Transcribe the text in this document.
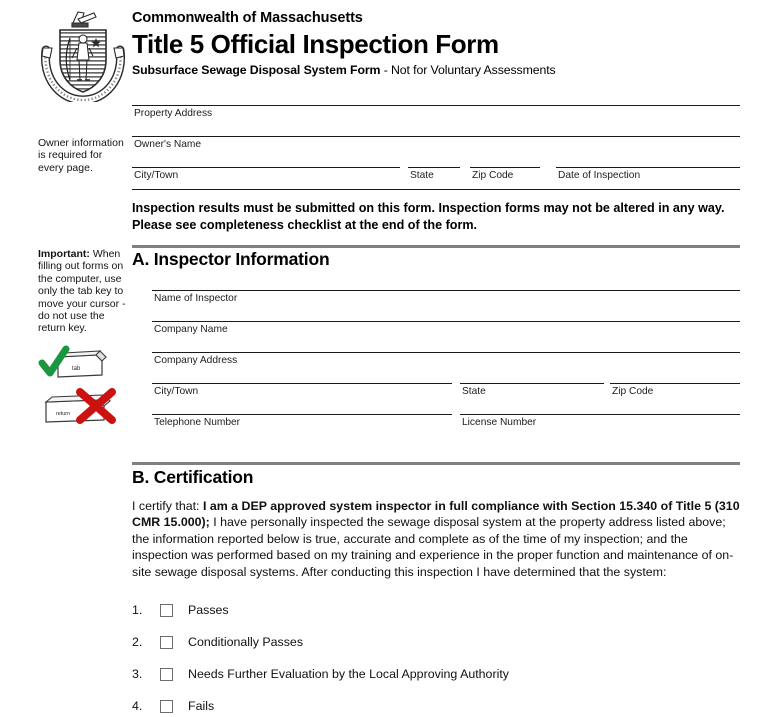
Owner information is required for every page.
Important: When filling out forms on the computer, use only the tab key to move your cursor - do not use the return key.
tab
return
Commonwealth of Massachusetts
Title 5 Official Inspection Form
Subsurface Sewage Disposal System Form - Not for Voluntary Assessments
Property Address
Owner's Name
City/Town	State	Zip Code	Date of Inspection
Inspection results must be submitted on this form. Inspection forms may not be altered in any way. Please see completeness checklist at the end of the form.
A. Inspector Information
Name of Inspector
Company Name
Company Address
City/Town	State	Zip Code
Telephone Number	License Number
B. Certification
I certify that: I am a DEP approved system inspector in full compliance with Section 15.340 of Title 5 (310 CMR 15.000); I have personally inspected the sewage disposal system at the property address listed above; the information reported below is true, accurate and complete as of the time of my inspection; and the inspection was performed based on my training and experience in the proper function and maintenance of on-site sewage disposal systems. After conducting this inspection I have determined that the system:
1.	Passes
2.	Conditionally Passes
3.	Needs Further Evaluation by the Local Approving Authority
4.	Fails
